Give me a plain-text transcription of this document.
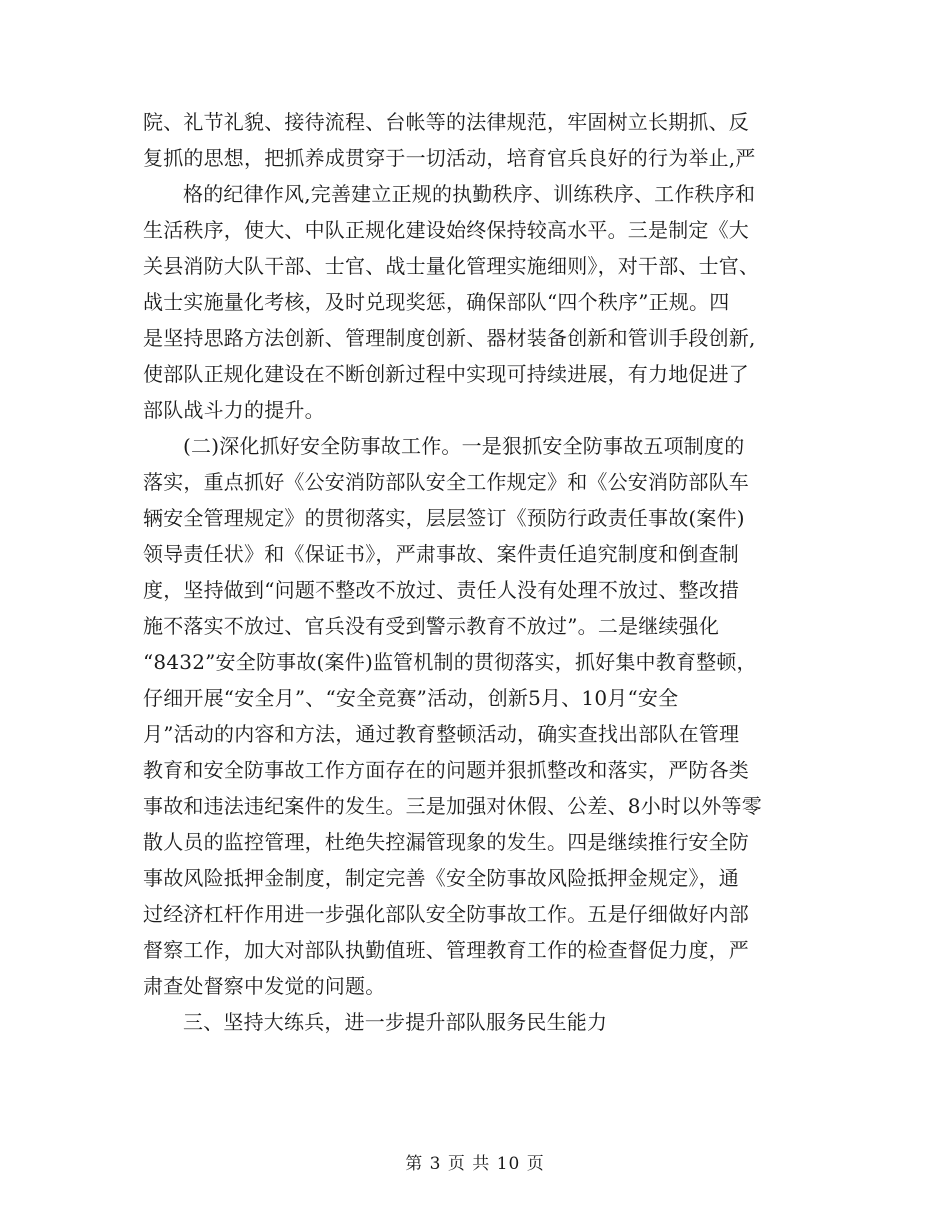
院、礼节礼貌、接待流程、台帐等的法律规范，牢固树立长期抓、反
复抓的思想，把抓养成贯穿于一切活动，培育官兵良好的行为举止,严
格的纪律作风,完善建立正规的执勤秩序、训练秩序、工作秩序和
生活秩序，使大、中队正规化建设始终保持较高水平。三是制定《大
关县消防大队干部、士官、战士量化管理实施细则》，对干部、士官、
战士实施量化考核，及时兑现奖惩，确保部队“四个秩序”正规。四
是坚持思路方法创新、管理制度创新、器材装备创新和管训手段创新,
使部队正规化建设在不断创新过程中实现可持续进展，有力地促进了
部队战斗力的提升。
(二)深化抓好安全防事故工作。一是狠抓安全防事故五项制度的
落实，重点抓好《公安消防部队安全工作规定》和《公安消防部队车
辆安全管理规定》的贯彻落实，层层签订《预防行政责任事故(案件)
领导责任状》和《保证书》，严肃事故、案件责任追究制度和倒查制
度，坚持做到“问题不整改不放过、责任人没有处理不放过、整改措
施不落实不放过、官兵没有受到警示教育不放过”。二是继续强化
“8432”安全防事故(案件)监管机制的贯彻落实，抓好集中教育整顿，
仔细开展“安全月”、“安全竞赛”活动，创新5月、10月“安全
月”活动的内容和方法，通过教育整顿活动，确实查找出部队在管理
教育和安全防事故工作方面存在的问题并狠抓整改和落实，严防各类
事故和违法违纪案件的发生。三是加强对休假、公差、8小时以外等零
散人员的监控管理，杜绝失控漏管现象的发生。四是继续推行安全防
事故风险抵押金制度，制定完善《安全防事故风险抵押金规定》，通
过经济杠杆作用进一步强化部队安全防事故工作。五是仔细做好内部
督察工作，加大对部队执勤值班、管理教育工作的检查督促力度，严
肃查处督察中发觉的问题。
三、坚持大练兵，进一步提升部队服务民生能力
第 3 页 共 10 页
